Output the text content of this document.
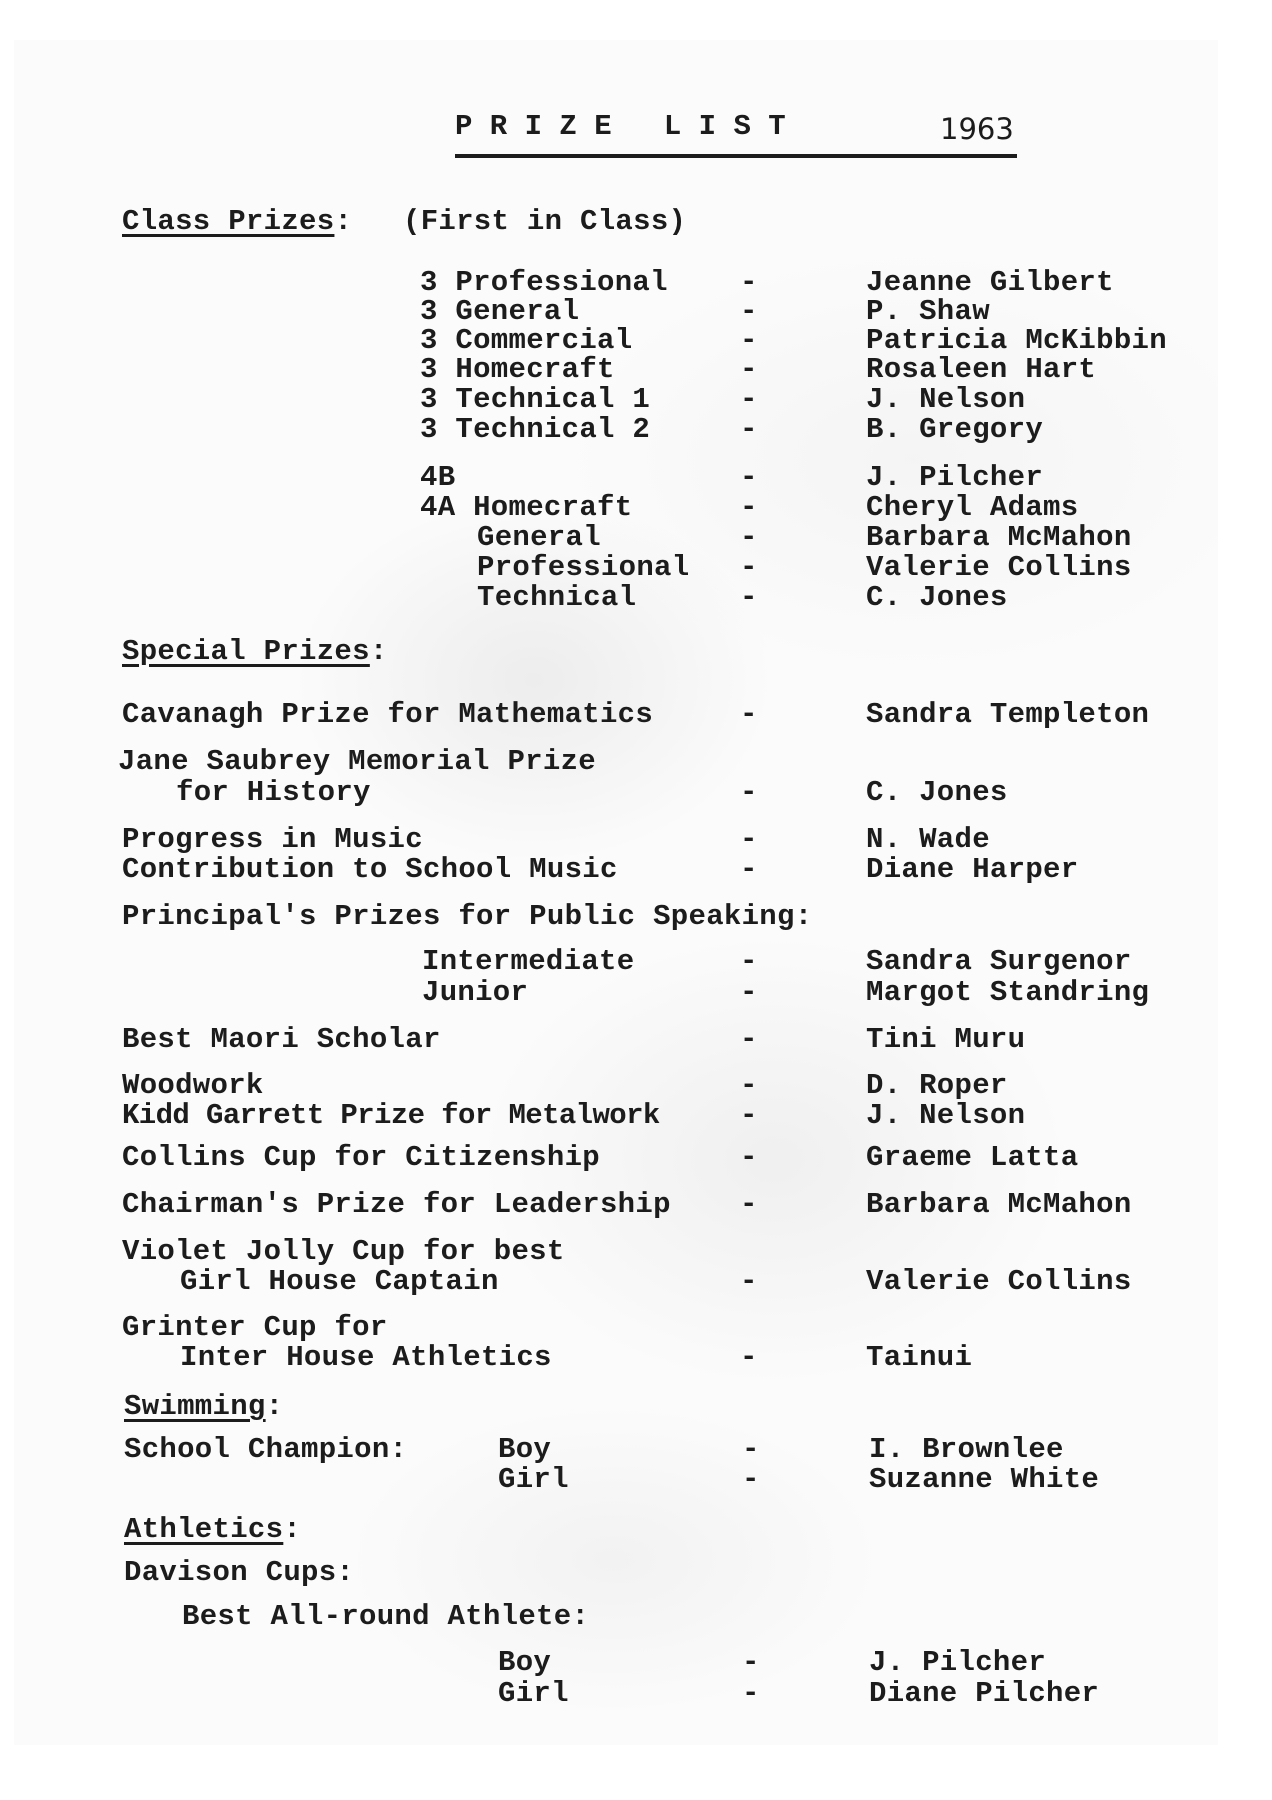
P R I Z E   L I S T	1963
Class Prizes: (First in Class)
3 Professional -	Jeanne Gilbert
3 General	-	P. Shaw
3 Commercial	-	Patricia McKibbin
3 Homecraft	-	Rosaleen Hart
3 Technical 1	-	J. Nelson
3 Technical 2	-	B. Gregory
4B	-	J. Pilcher
4A Homecraft	-	Cheryl Adams
General	-	Barbara McMahon
Professional -	Valerie Collins
Technical	-	C. Jones
Special Prizes:
Cavanagh Prize for Mathematics	-	Sandra Templeton
Jane Saubrey Memorial Prize
for History	-	C. Jones
Progress in Music	-	N. Wade
Contribution to School Music	-	Diane Harper
Principal's Prizes for Public Speaking:
Intermediate	-	Sandra Surgenor
Junior	-	Margot Standring
Best Maori Scholar	-	Tini Muru
Woodwork	-	D. Roper
Kidd Garrett Prize for Metalwork	-	J. Nelson
Collins Cup for Citizenship	-	Graeme Latta
Chairman's Prize for Leadership -	Barbara McMahon
Violet Jolly Cup for best
Girl House Captain	-	Valerie Collins
Grinter Cup for
Inter House Athletics	-	Tainui
Swimming:
School Champion:	Boy	-	I. Brownlee
Girl	-	Suzanne White
Athletics:
Davison Cups:
Best All-round Athlete:
Boy	-	J. Pilcher
Girl	-	Diane Pilcher
